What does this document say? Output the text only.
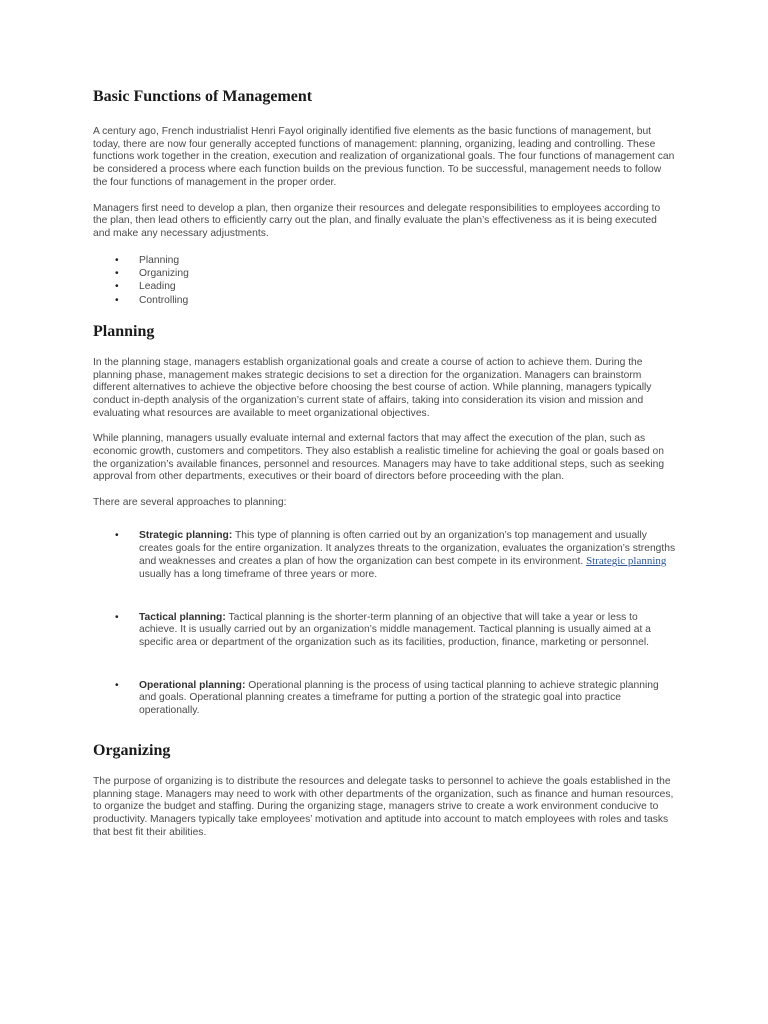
Basic Functions of Management

A century ago, French industrialist Henri Fayol originally identified five elements as the basic functions of management, but today, there are now four generally accepted functions of management: planning, organizing, leading and controlling. These functions work together in the creation, execution and realization of organizational goals. The four functions of management can be considered a process where each function builds on the previous function. To be successful, management needs to follow the four functions of management in the proper order.

Managers first need to develop a plan, then organize their resources and delegate responsibilities to employees according to the plan, then lead others to efficiently carry out the plan, and finally evaluate the plan’s effectiveness as it is being executed and make any necessary adjustments.

• Planning
• Organizing
• Leading
• Controlling
Planning

In the planning stage, managers establish organizational goals and create a course of action to achieve them. During the planning phase, management makes strategic decisions to set a direction for the organization. Managers can brainstorm different alternatives to achieve the objective before choosing the best course of action. While planning, managers typically conduct in-depth analysis of the organization’s current state of affairs, taking into consideration its vision and mission and evaluating what resources are available to meet organizational objectives.

While planning, managers usually evaluate internal and external factors that may affect the execution of the plan, such as economic growth, customers and competitors. They also establish a realistic timeline for achieving the goal or goals based on the organization’s available finances, personnel and resources. Managers may have to take additional steps, such as seeking approval from other departments, executives or their board of directors before proceeding with the plan.

There are several approaches to planning:

• Strategic planning: This type of planning is often carried out by an organization’s top management and usually creates goals for the entire organization. It analyzes threats to the organization, evaluates the organization’s strengths and weaknesses and creates a plan of how the organization can best compete in its environment. Strategic planning usually has a long timeframe of three years or more.
• Tactical planning: Tactical planning is the shorter-term planning of an objective that will take a year or less to achieve. It is usually carried out by an organization’s middle management. Tactical planning is usually aimed at a specific area or department of the organization such as its facilities, production, finance, marketing or personnel.
• Operational planning: Operational planning is the process of using tactical planning to achieve strategic planning and goals. Operational planning creates a timeframe for putting a portion of the strategic goal into practice operationally.
Organizing

The purpose of organizing is to distribute the resources and delegate tasks to personnel to achieve the goals established in the planning stage. Managers may need to work with other departments of the organization, such as finance and human resources, to organize the budget and staffing. During the organizing stage, managers strive to create a work environment conducive to productivity. Managers typically take employees’ motivation and aptitude into account to match employees with roles and tasks that best fit their abilities.
